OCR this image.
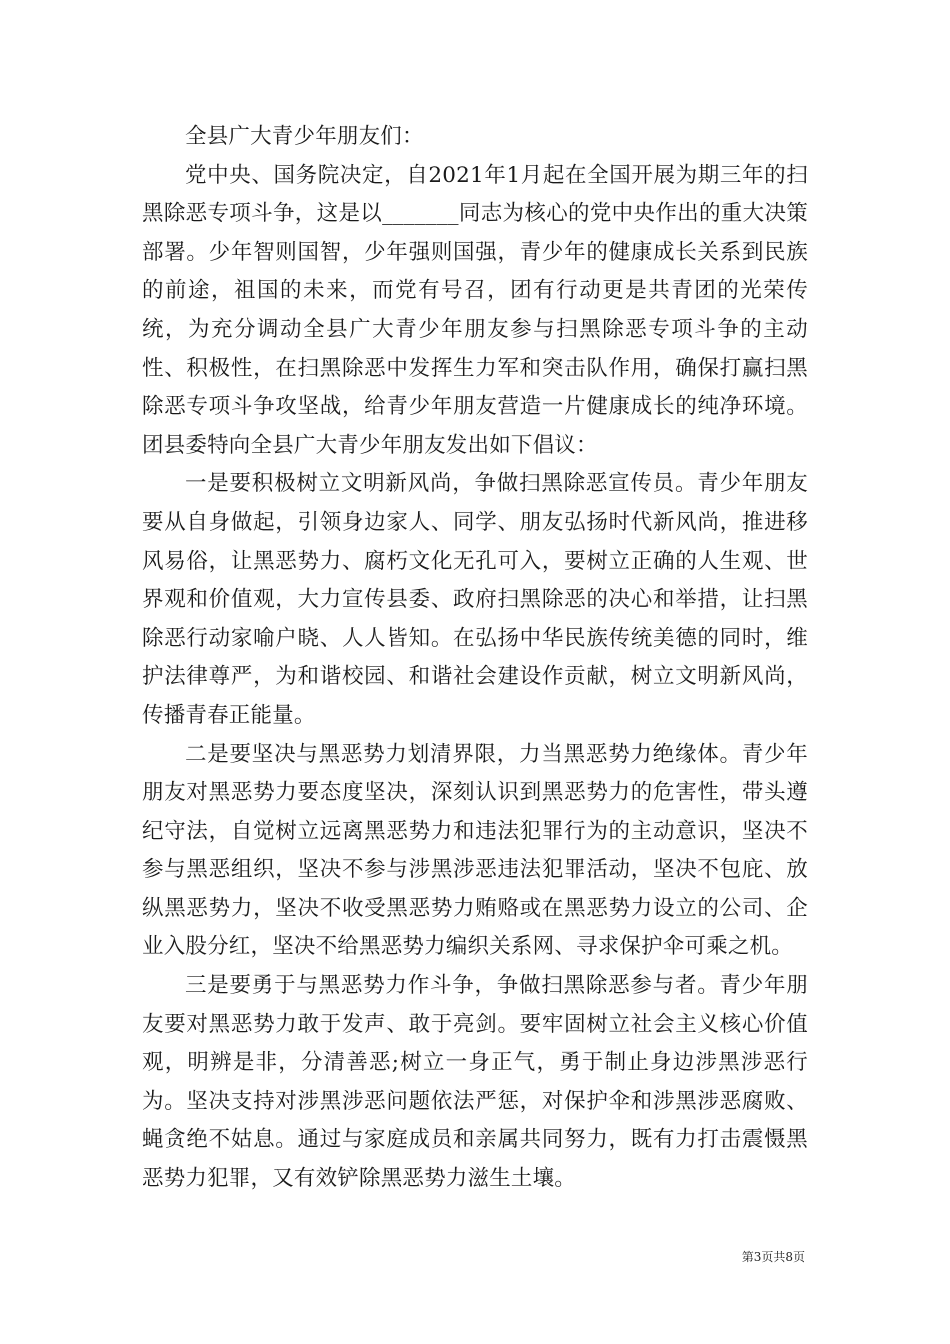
全县广大青少年朋友们：

党中央、国务院决定，自2021年1月起在全国开展为期三年的扫黑除恶专项斗争，这是以_______同志为核心的党中央作出的重大决策部署。少年智则国智，少年强则国强，青少年的健康成长关系到民族的前途，祖国的未来，而党有号召，团有行动更是共青团的光荣传统，为充分调动全县广大青少年朋友参与扫黑除恶专项斗争的主动性、积极性，在扫黑除恶中发挥生力军和突击队作用，确保打赢扫黑除恶专项斗争攻坚战，给青少年朋友营造一片健康成长的纯净环境。团县委特向全县广大青少年朋友发出如下倡议：

一是要积极树立文明新风尚，争做扫黑除恶宣传员。青少年朋友要从自身做起，引领身边家人、同学、朋友弘扬时代新风尚，推进移风易俗，让黑恶势力、腐朽文化无孔可入，要树立正确的人生观、世界观和价值观，大力宣传县委、政府扫黑除恶的决心和举措，让扫黑除恶行动家喻户晓、人人皆知。在弘扬中华民族传统美德的同时，维护法律尊严，为和谐校园、和谐社会建设作贡献，树立文明新风尚，传播青春正能量。

二是要坚决与黑恶势力划清界限，力当黑恶势力绝缘体。青少年朋友对黑恶势力要态度坚决，深刻认识到黑恶势力的危害性，带头遵纪守法，自觉树立远离黑恶势力和违法犯罪行为的主动意识，坚决不参与黑恶组织，坚决不参与涉黑涉恶违法犯罪活动，坚决不包庇、放纵黑恶势力，坚决不收受黑恶势力贿赂或在黑恶势力设立的公司、企业入股分红，坚决不给黑恶势力编织关系网、寻求保护伞可乘之机。

三是要勇于与黑恶势力作斗争，争做扫黑除恶参与者。青少年朋友要对黑恶势力敢于发声、敢于亮剑。要牢固树立社会主义核心价值观，明辨是非，分清善恶;树立一身正气，勇于制止身边涉黑涉恶行为。坚决支持对涉黑涉恶问题依法严惩，对保护伞和涉黑涉恶腐败、蝇贪绝不姑息。通过与家庭成员和亲属共同努力，既有力打击震慑黑恶势力犯罪，又有效铲除黑恶势力滋生土壤。

第3页共8页
